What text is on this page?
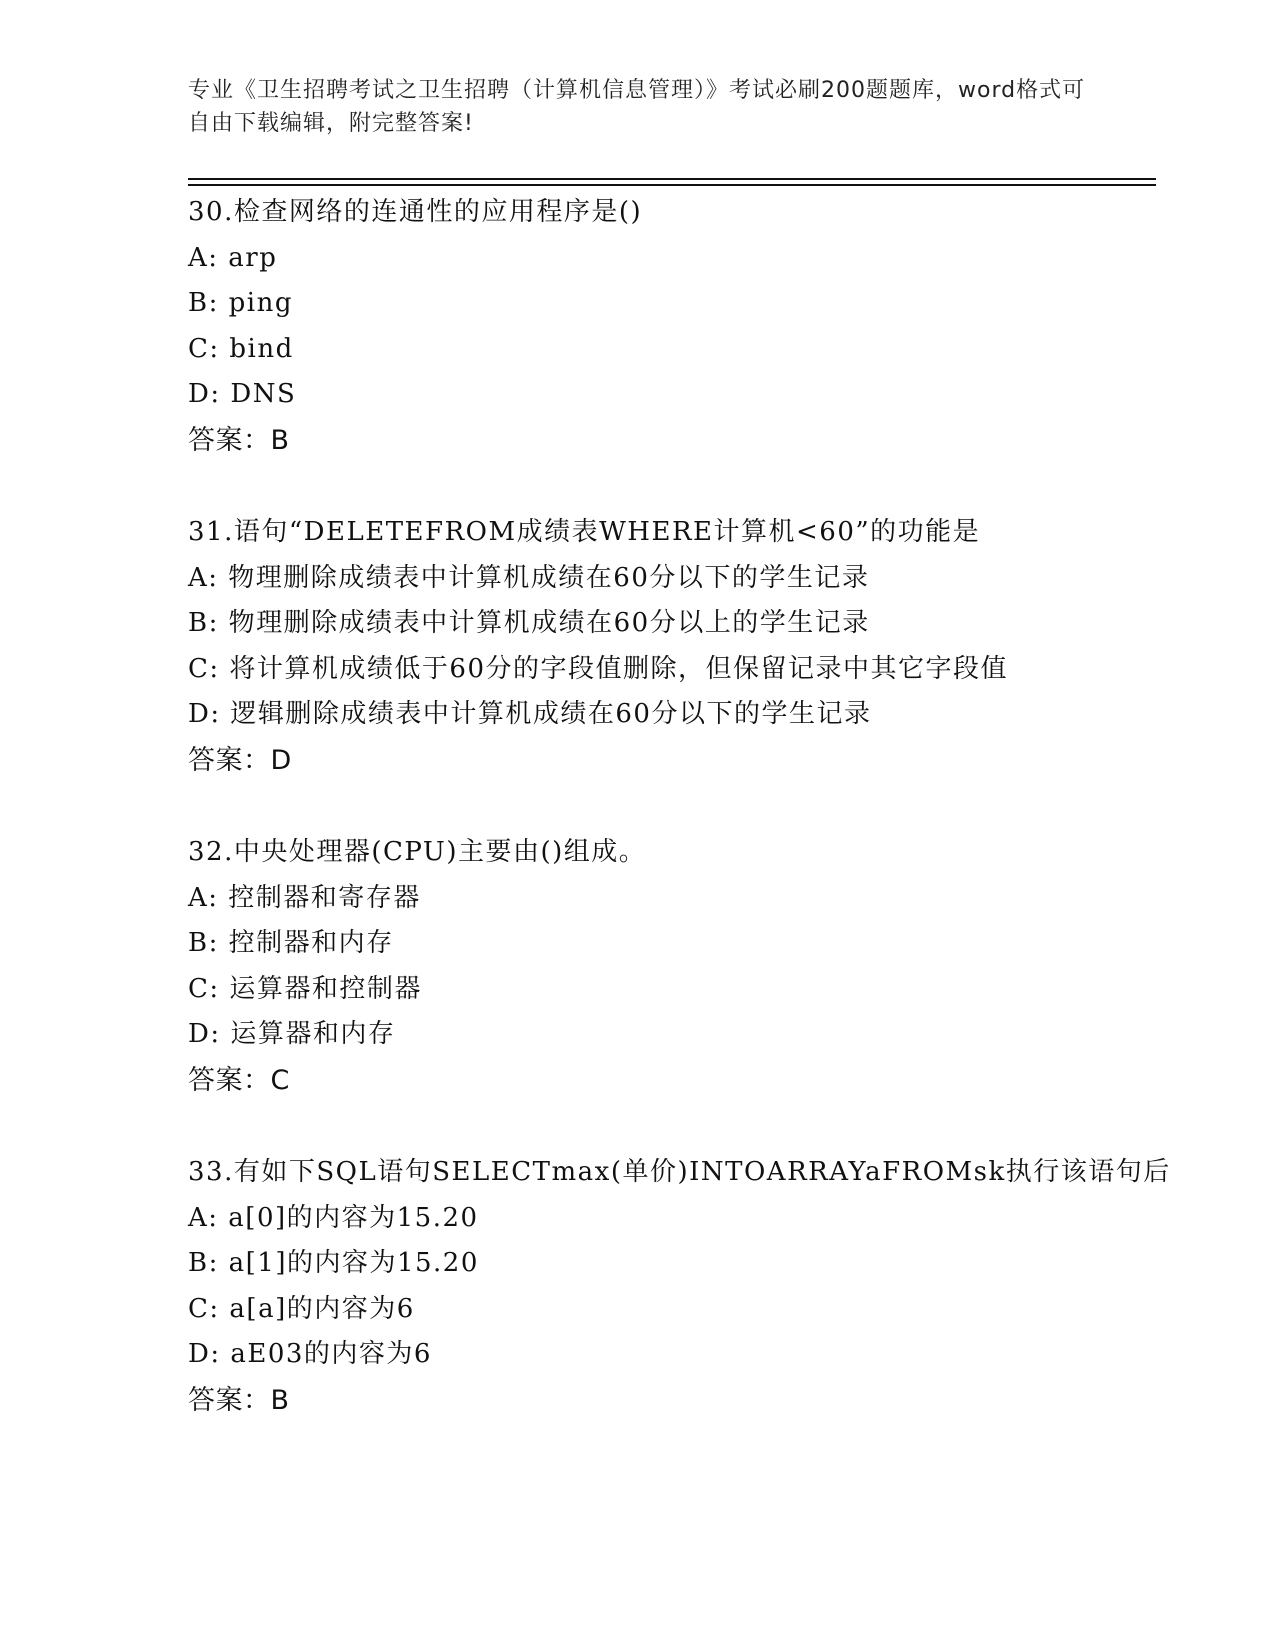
专业《卫生招聘考试之卫生招聘（计算机信息管理）》考试必刷200题题库，word格式可自由下载编辑，附完整答案!
30.检查网络的连通性的应用程序是()
A: arp
B: ping
C: bind
D: DNS
答案：B
31.语句“DELETEFROM成绩表WHERE计算机<60”的功能是
A: 物理删除成绩表中计算机成绩在60分以下的学生记录
B: 物理删除成绩表中计算机成绩在60分以上的学生记录
C: 将计算机成绩低于60分的字段值删除，但保留记录中其它字段值
D: 逻辑删除成绩表中计算机成绩在60分以下的学生记录
答案：D
32.中央处理器(CPU)主要由()组成。
A: 控制器和寄存器
B: 控制器和内存
C: 运算器和控制器
D: 运算器和内存
答案：C
33.有如下SQL语句SELECTmax(单价)INTOARRAYaFROMsk执行该语句后
A: a[0]的内容为15.20
B: a[1]的内容为15.20
C: a[a]的内容为6
D: aE03的内容为6
答案：B
